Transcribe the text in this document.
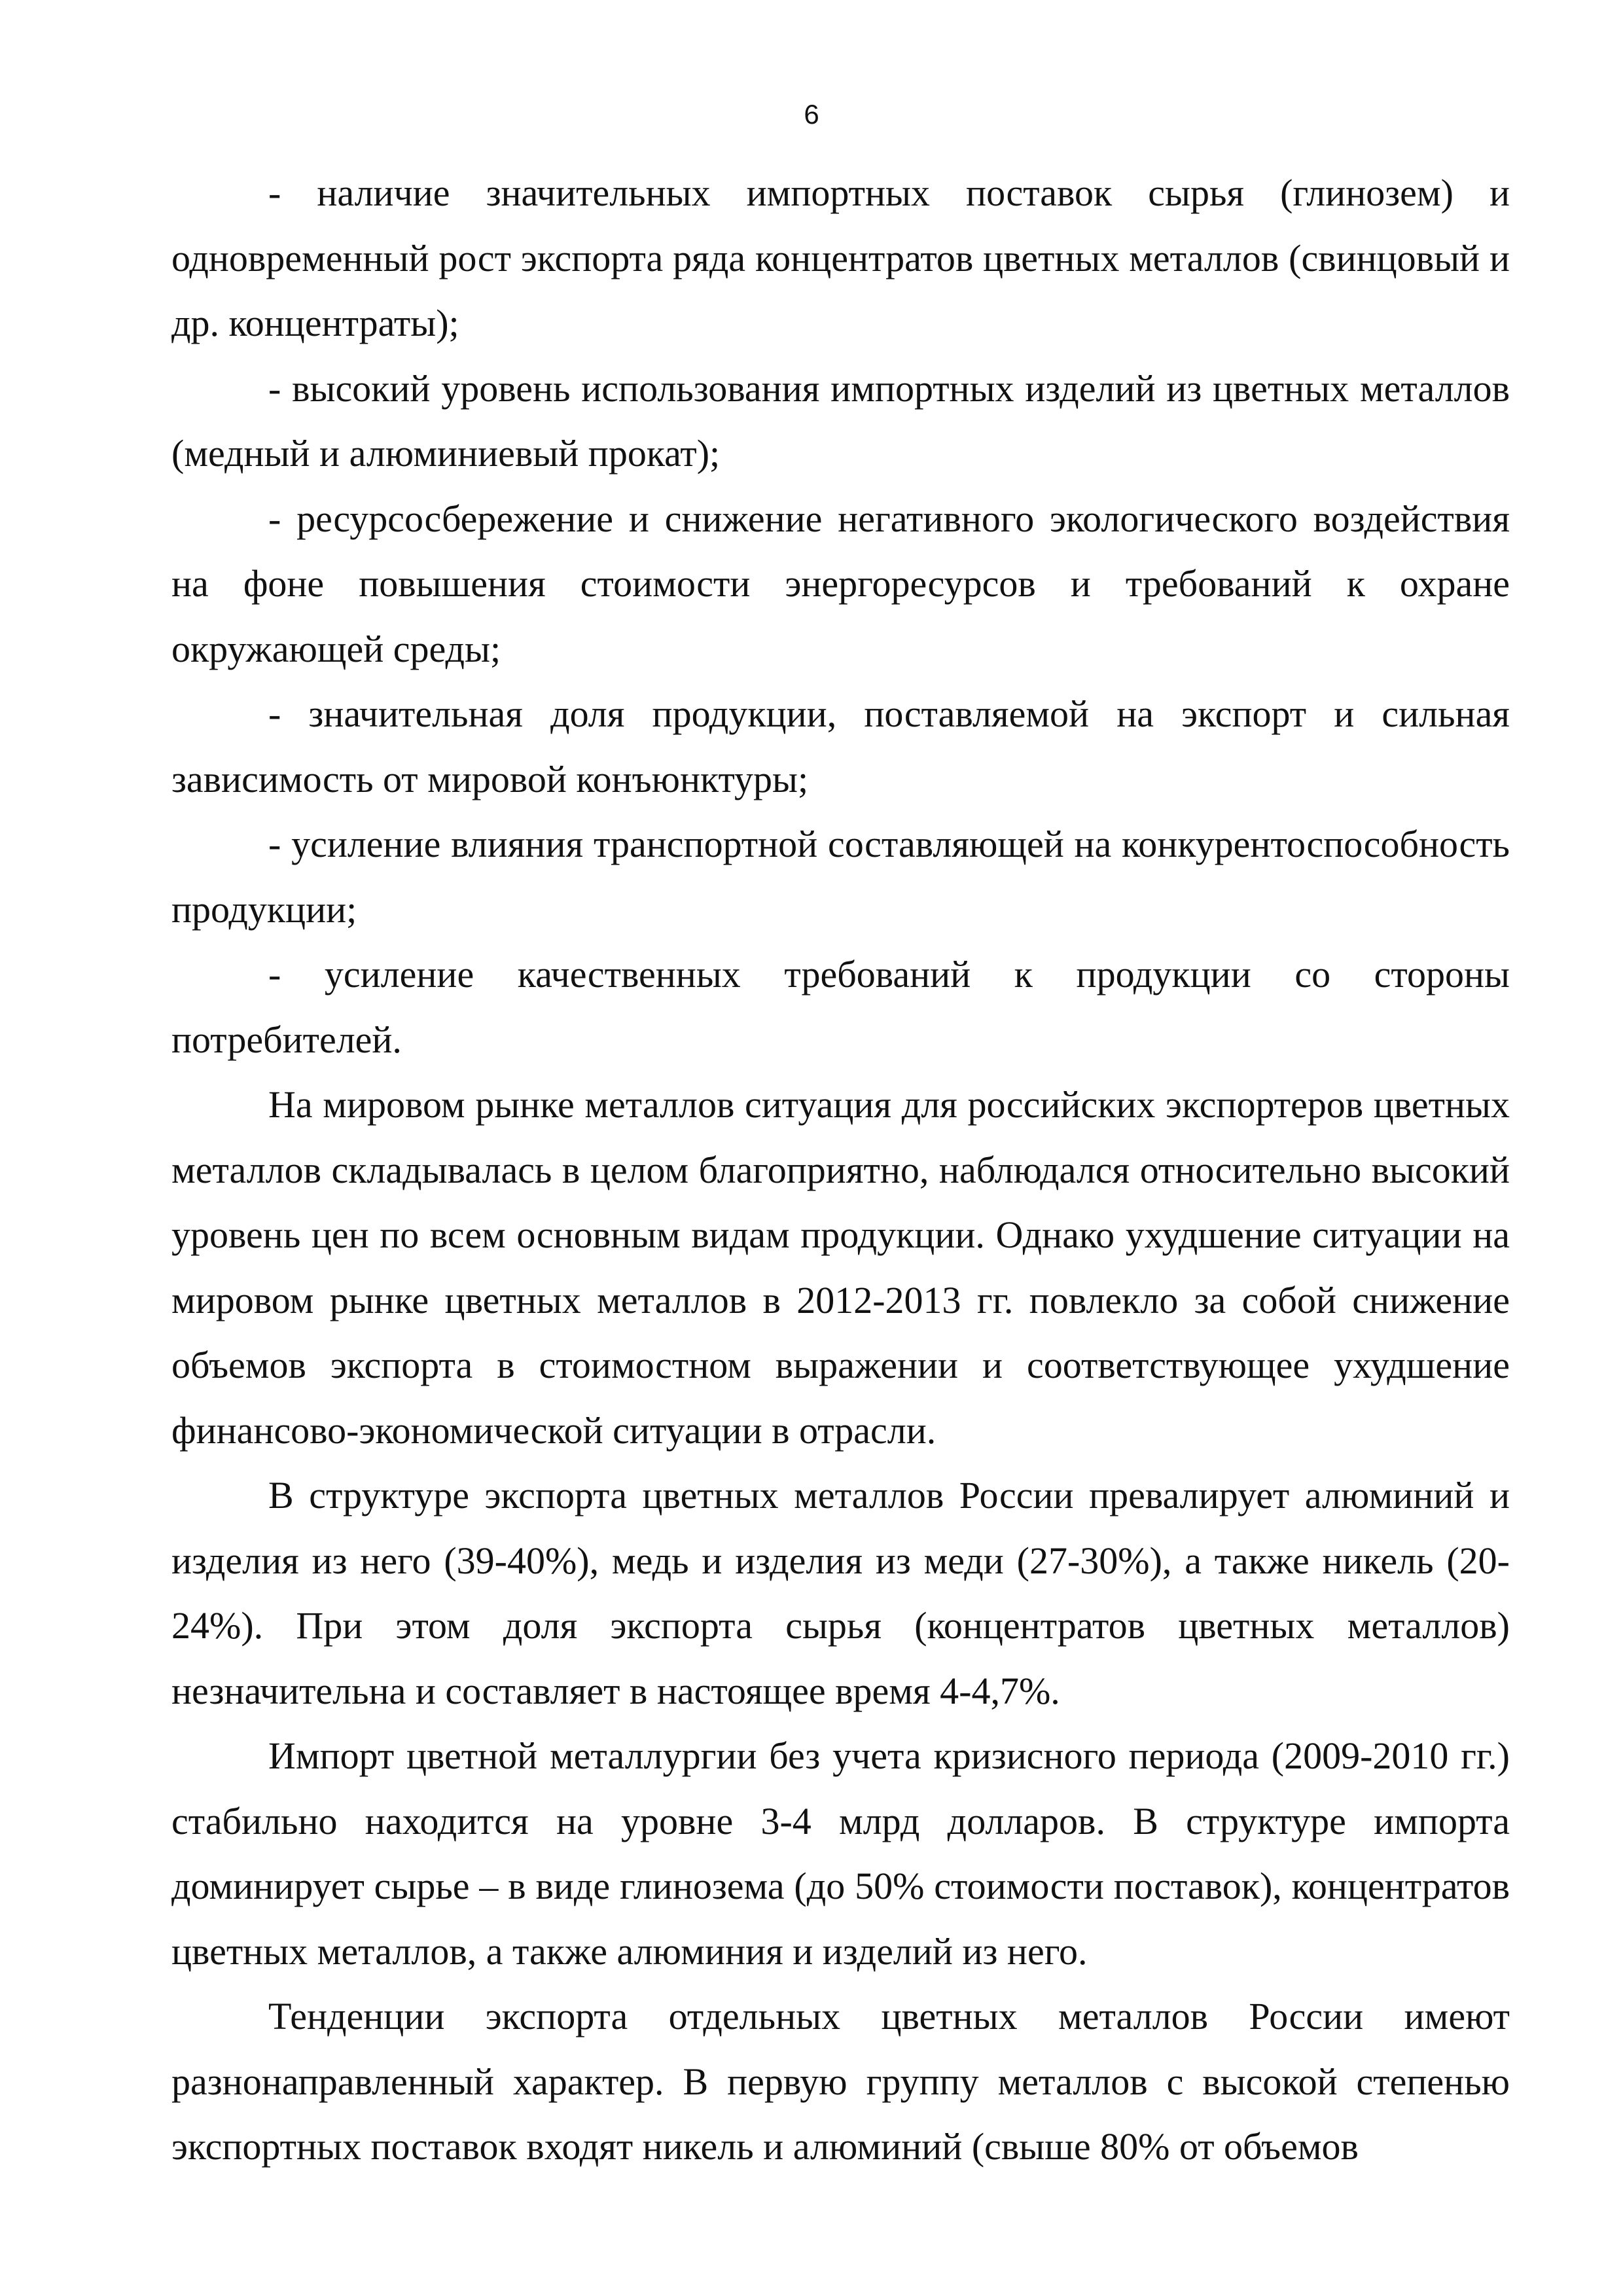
6

- наличие значительных импортных поставок сырья (глинозем) и одновременный рост экспорта ряда концентратов цветных металлов (свинцовый и др. концентраты);

- высокий уровень использования импортных изделий из цветных металлов (медный и алюминиевый прокат);

- ресурсосбережение и снижение негативного экологического воздействия на фоне повышения стоимости энергоресурсов и требований к охране окружающей среды;

- значительная доля продукции, поставляемой на экспорт и сильная зависимость от мировой конъюнктуры;

- усиление влияния транспортной составляющей на конкурентоспособность продукции;

- усиление качественных требований к продукции со стороны потребителей.

На мировом рынке металлов ситуация для российских экспортеров цветных металлов складывалась в целом благоприятно, наблюдался относительно высокий уровень цен по всем основным видам продукции. Однако ухудшение ситуации на мировом рынке цветных металлов в 2012-2013 гг. повлекло за собой снижение объемов экспорта в стоимостном выражении и соответствующее ухудшение финансово-экономической ситуации в отрасли.

В структуре экспорта цветных металлов России превалирует алюминий и изделия из него (39-40%), медь и изделия из меди (27-30%), а также никель (20-24%). При этом доля экспорта сырья (концентратов цветных металлов) незначительна и составляет в настоящее время 4-4,7%.

Импорт цветной металлургии без учета кризисного периода (2009-2010 гг.) стабильно находится на уровне 3-4 млрд долларов. В структуре импорта доминирует сырье – в виде глинозема (до 50% стоимости поставок), концентратов цветных металлов, а также алюминия и изделий из него.

Тенденции экспорта отдельных цветных металлов России имеют разнонаправленный характер. В первую группу металлов с высокой степенью экспортных поставок входят никель и алюминий (свыше 80% от объемов
